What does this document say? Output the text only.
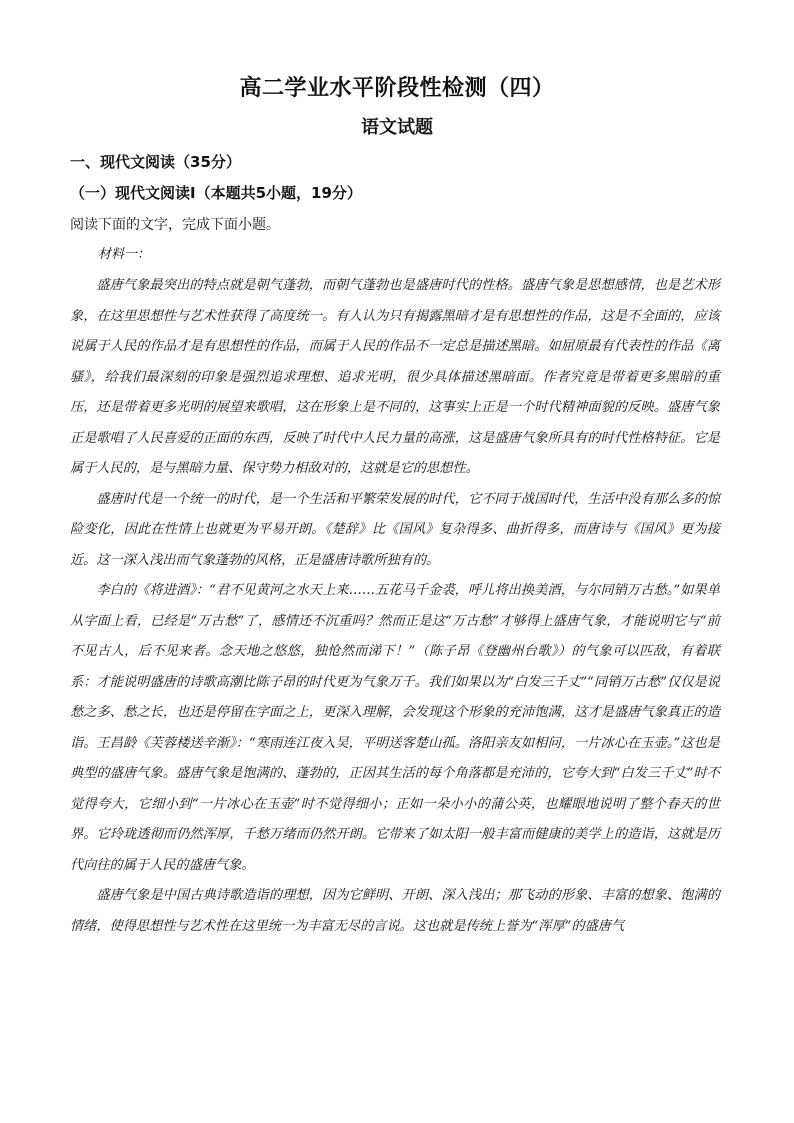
高二学业水平阶段性检测（四）
语文试题
一、现代文阅读（35分）
（一）现代文阅读Ⅰ（本题共5小题，19分）
阅读下面的文字，完成下面小题。
材料一：

盛唐气象最突出的特点就是朝气蓬勃，而朝气蓬勃也是盛唐时代的性格。盛唐气象是思想感情，也是艺术形象，在这里思想性与艺术性获得了高度统一。有人认为只有揭露黑暗才是有思想性的作品，这是不全面的，应该说属于人民的作品才是有思想性的作品，而属于人民的作品不一定总是描述黑暗。如屈原最有代表性的作品《离骚》，给我们最深刻的印象是强烈追求理想、追求光明，很少具体描述黑暗面。作者究竟是带着更多黑暗的重压，还是带着更多光明的展望来歌唱，这在形象上是不同的，这事实上正是一个时代精神面貌的反映。盛唐气象正是歌唱了人民喜爱的正面的东西，反映了时代中人民力量的高涨，这是盛唐气象所具有的时代性格特征。它是属于人民的，是与黑暗力量、保守势力相敌对的，这就是它的思想性。

盛唐时代是一个统一的时代，是一个生活和平繁荣发展的时代，它不同于战国时代，生活中没有那么多的惊险变化，因此在性情上也就更为平易开朗。《楚辞》比《国风》复杂得多、曲折得多，而唐诗与《国风》更为接近。这一深入浅出而气象蓬勃的风格，正是盛唐诗歌所独有的。

李白的《将进酒》：“君不见黄河之水天上来……五花马千金裘，呼儿将出换美酒，与尔同销万古愁。”如果单从字面上看，已经是“万古愁”了，感情还不沉重吗？然而正是这“万古愁”才够得上盛唐气象，才能说明它与“前不见古人，后不见来者。念天地之悠悠，独怆然而涕下！”（陈子昂《登幽州台歌》）的气象可以匹敌，有着联系：才能说明盛唐的诗歌高潮比陈子昂的时代更为气象万千。我们如果以为“白发三千丈”“同销万古愁”仅仅是说愁之多、愁之长，也还是停留在字面之上，更深入理解，会发现这个形象的充沛饱满，这才是盛唐气象真正的造诣。王昌龄《芙蓉楼送辛渐》：“寒雨连江夜入吴，平明送客楚山孤。洛阳亲友如相问，一片冰心在玉壶。”这也是典型的盛唐气象。盛唐气象是饱满的、蓬勃的，正因其生活的每个角落都是充沛的，它夸大到“白发三千丈”时不觉得夸大，它细小到“一片冰心在玉壶”时不觉得细小；正如一朵小小的蒲公英，也耀眼地说明了整个春天的世界。它玲珑透彻而仍然浑厚，千愁万绪而仍然开朗。它带来了如太阳一般丰富而健康的美学上的造诣，这就是历代向往的属于人民的盛唐气象。

盛唐气象是中国古典诗歌造诣的理想，因为它鲜明、开朗、深入浅出；那飞动的形象、丰富的想象、饱满的情绪，使得思想性与艺术性在这里统一为丰富无尽的言说。这也就是传统上誉为“浑厚”的盛唐气
